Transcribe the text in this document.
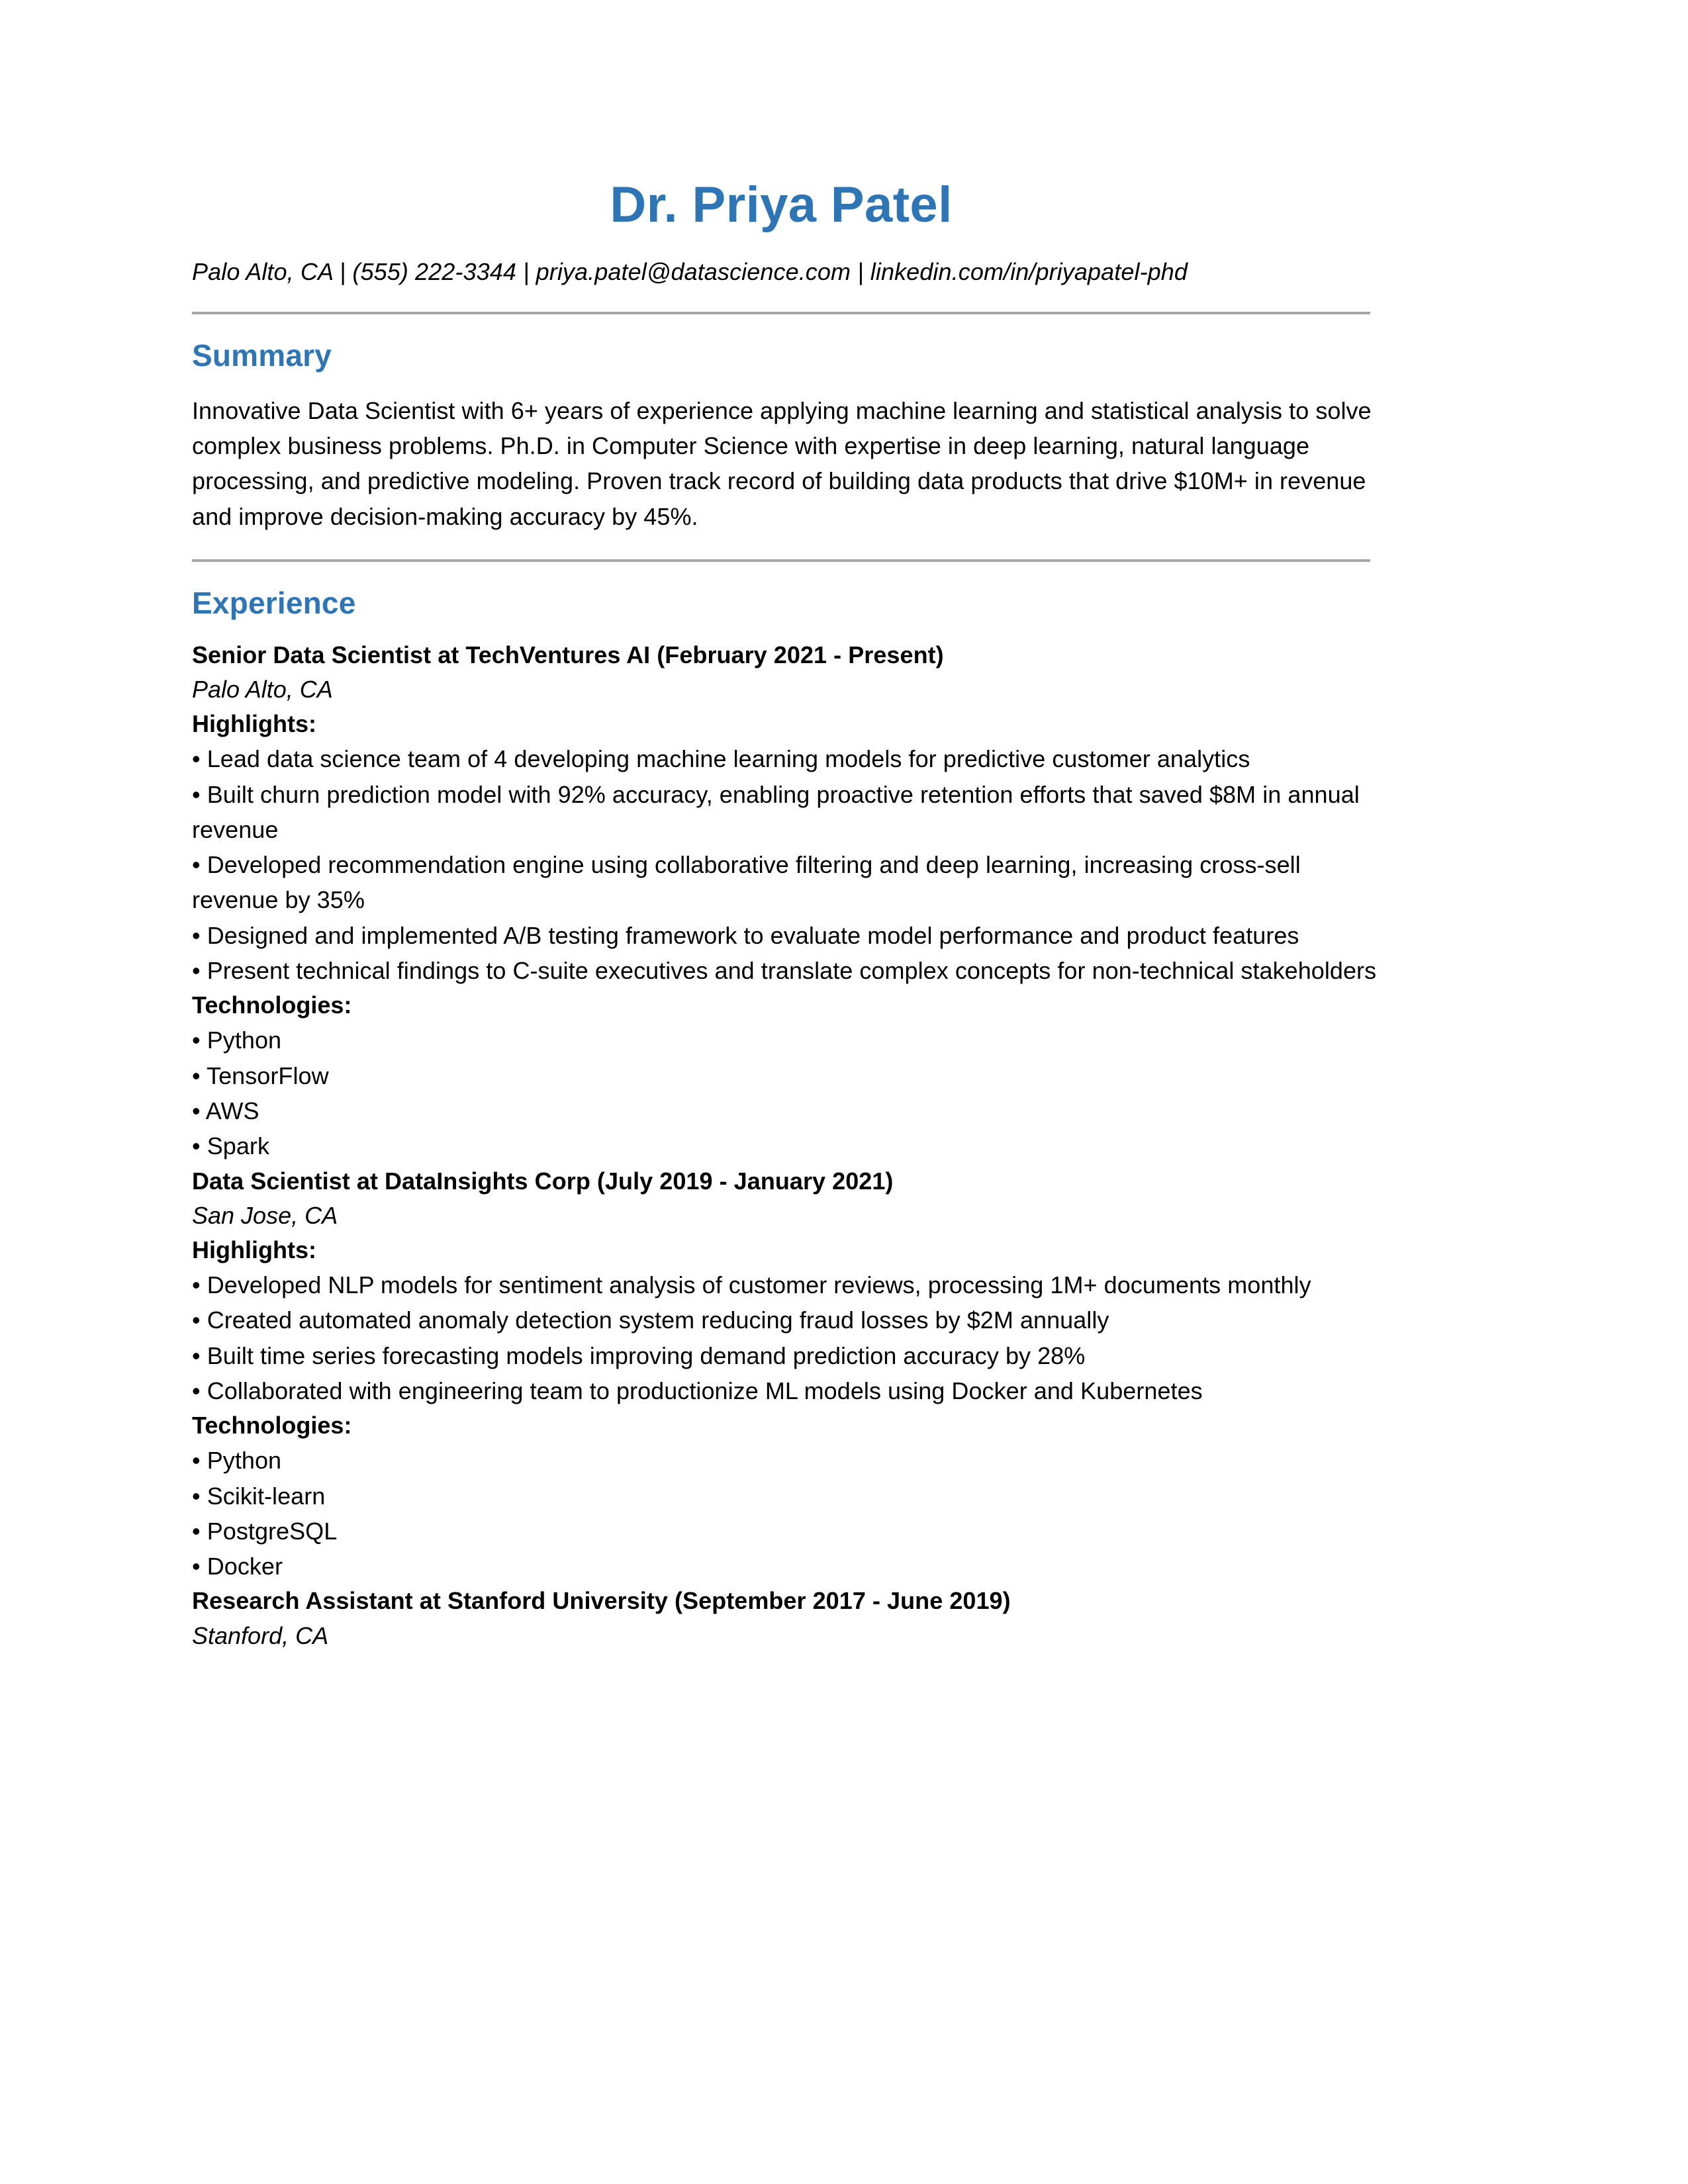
Dr. Priya Patel
Palo Alto, CA | (555) 222-3344 | priya.patel@datascience.com | linkedin.com/in/priyapatel-phd
Summary
Innovative Data Scientist with 6+ years of experience applying machine learning and statistical analysis to solve complex business problems. Ph.D. in Computer Science with expertise in deep learning, natural language processing, and predictive modeling. Proven track record of building data products that drive $10M+ in revenue and improve decision-making accuracy by 45%.
Experience
Senior Data Scientist at TechVentures AI (February 2021 - Present)
Palo Alto, CA
Highlights:
• Lead data science team of 4 developing machine learning models for predictive customer analytics
• Built churn prediction model with 92% accuracy, enabling proactive retention efforts that saved $8M in annual revenue
• Developed recommendation engine using collaborative filtering and deep learning, increasing cross-sell revenue by 35%
• Designed and implemented A/B testing framework to evaluate model performance and product features
• Present technical findings to C-suite executives and translate complex concepts for non-technical stakeholders
Technologies:
• Python
• TensorFlow
• AWS
• Spark
Data Scientist at DataInsights Corp (July 2019 - January 2021)
San Jose, CA
Highlights:
• Developed NLP models for sentiment analysis of customer reviews, processing 1M+ documents monthly
• Created automated anomaly detection system reducing fraud losses by $2M annually
• Built time series forecasting models improving demand prediction accuracy by 28%
• Collaborated with engineering team to productionize ML models using Docker and Kubernetes
Technologies:
• Python
• Scikit-learn
• PostgreSQL
• Docker
Research Assistant at Stanford University (September 2017 - June 2019)
Stanford, CA
